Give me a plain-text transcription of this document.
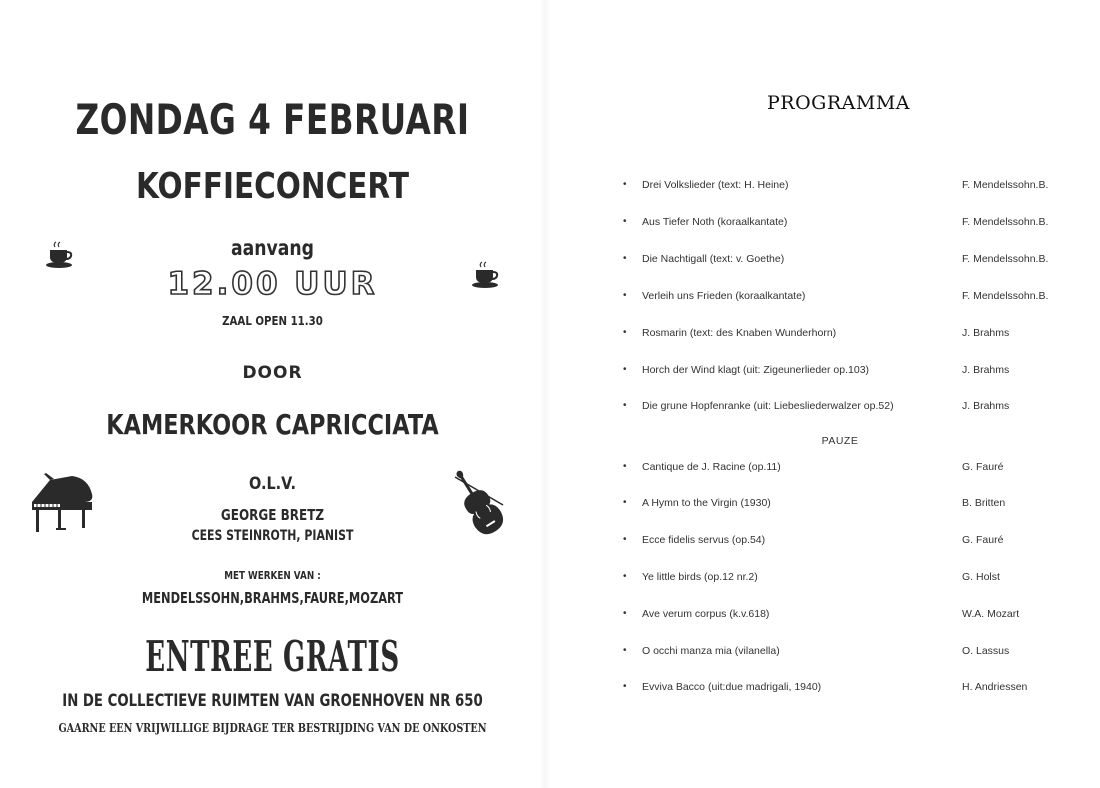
ZONDAG 4 FEBRUARI
KOFFIECONCERT
aanvang
12.00 UUR
ZAAL OPEN 11.30
DOOR
KAMERKOOR CAPRICCIATA
O.L.V.
GEORGE BRETZ
CEES STEINROTH, PIANIST
MET WERKEN VAN :
MENDELSSOHN,BRAHMS,FAURE,MOZART
ENTREE GRATIS
IN DE COLLECTIEVE RUIMTEN VAN GROENHOVEN NR 650
GAARNE EEN VRIJWILLIGE BIJDRAGE TER BESTRIJDING VAN DE ONKOSTEN
PROGRAMMA
• Drei Volkslieder (text: H. Heine)	F. Mendelssohn.B.
• Aus Tiefer Noth (koraalkantate)	F. Mendelssohn.B.
• Die Nachtigall (text: v. Goethe)	F. Mendelssohn.B.
• Verleih uns Frieden (koraalkantate)	F. Mendelssohn.B.
• Rosmarin (text: des Knaben Wunderhorn)	J. Brahms
• Horch der Wind klagt (uit: Zigeunerlieder op.103)	J. Brahms
• Die grune Hopfenranke (uit: Liebesliederwalzer op.52)	J. Brahms
PAUZE
• Cantique de J. Racine (op.11)	G. Fauré
• A Hymn to the Virgin (1930)	B. Britten
• Ecce fidelis servus (op.54)	G. Fauré
• Ye little birds (op.12 nr.2)	G. Holst
• Ave verum corpus (k.v.618)	W.A. Mozart
• O occhi manza mia (vilanella)	O. Lassus
• Evviva Bacco (uit:due madrigali, 1940)	H. Andriessen
